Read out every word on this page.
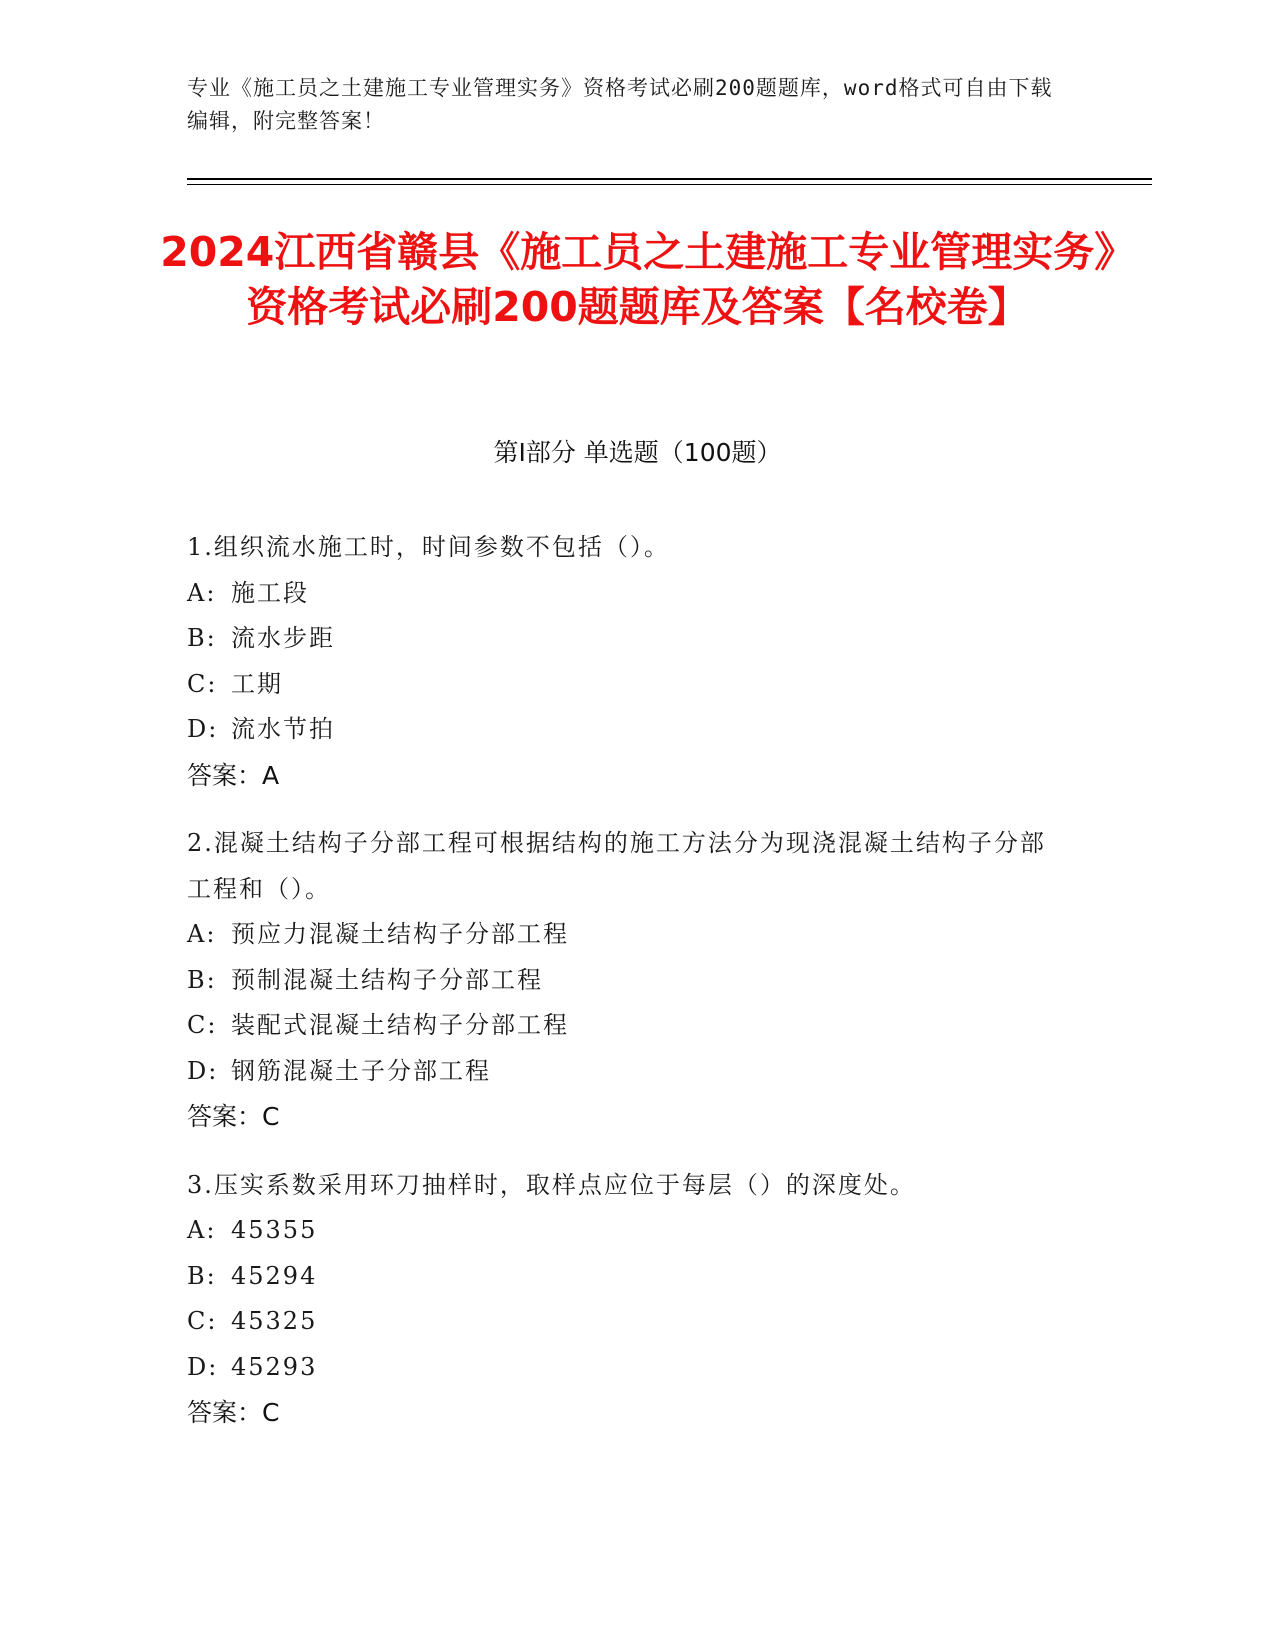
专业《施工员之土建施工专业管理实务》资格考试必刷200题题库，word格式可自由下载编辑，附完整答案！
2024江西省赣县《施工员之土建施工专业管理实务》资格考试必刷200题题库及答案【名校卷】
第Ⅰ部分 单选题（100题）
1.组织流水施工时，时间参数不包括（）。
A: 施工段
B: 流水步距
C: 工期
D: 流水节拍
答案：A
2.混凝土结构子分部工程可根据结构的施工方法分为现浇混凝土结构子分部工程和（）。
A: 预应力混凝土结构子分部工程
B: 预制混凝土结构子分部工程
C: 装配式混凝土结构子分部工程
D: 钢筋混凝土子分部工程
答案：C
3.压实系数采用环刀抽样时，取样点应位于每层（）的深度处。
A: 45355
B: 45294
C: 45325
D: 45293
答案：C
